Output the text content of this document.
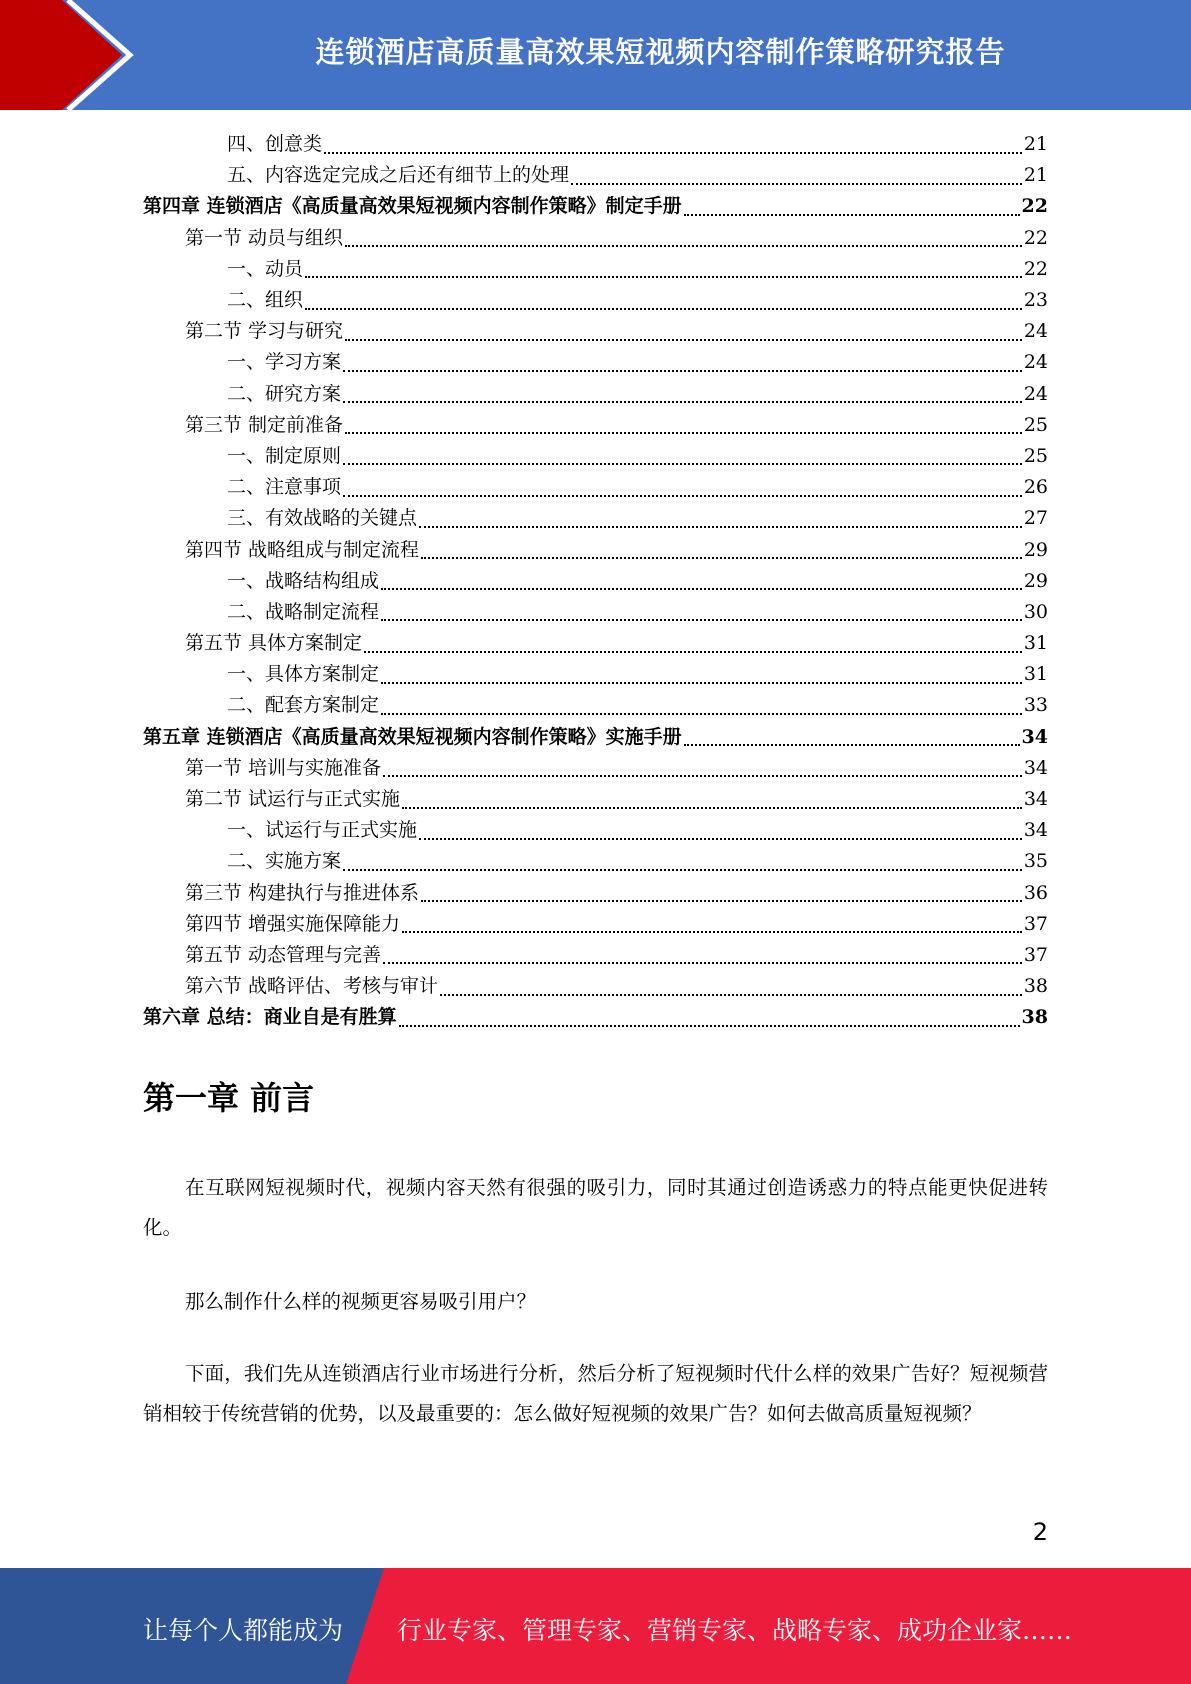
连锁酒店高质量高效果短视频内容制作策略研究报告
四、创意类	21
五、内容选定完成之后还有细节上的处理	21
第四章 连锁酒店《高质量高效果短视频内容制作策略》制定手册	22
第一节 动员与组织	22
一、动员	22
二、组织	23
第二节 学习与研究	24
一、学习方案	24
二、研究方案	24
第三节 制定前准备	25
一、制定原则	25
二、注意事项	26
三、有效战略的关键点	27
第四节 战略组成与制定流程	29
一、战略结构组成	29
二、战略制定流程	30
第五节 具体方案制定	31
一、具体方案制定	31
二、配套方案制定	33
第五章 连锁酒店《高质量高效果短视频内容制作策略》实施手册	34
第一节 培训与实施准备	34
第二节 试运行与正式实施	34
一、试运行与正式实施	34
二、实施方案	35
第三节 构建执行与推进体系	36
第四节 增强实施保障能力	37
第五节 动态管理与完善	37
第六节 战略评估、考核与审计	38
第六章 总结：商业自是有胜算	38
第一章 前言

在互联网短视频时代，视频内容天然有很强的吸引力，同时其通过创造诱惑力的特点能更快促进转化。

那么制作什么样的视频更容易吸引用户？

下面，我们先从连锁酒店行业市场进行分析，然后分析了短视频时代什么样的效果广告好？短视频营销相较于传统营销的优势，以及最重要的：怎么做好短视频的效果广告？如何去做高质量短视频？

2
让每个人都能成为 行业专家、管理专家、营销专家、战略专家、成功企业家……
